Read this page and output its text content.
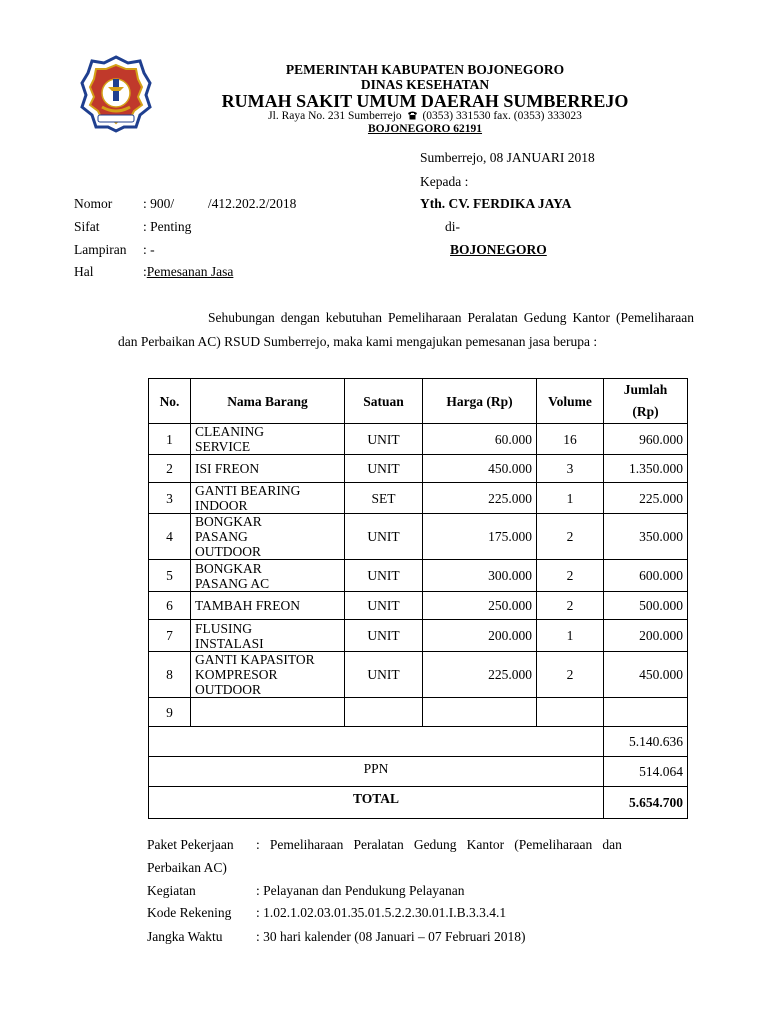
PEMERINTAH KABUPATEN BOJONEGORO
DINAS KESEHATAN
RUMAH SAKIT UMUM DAERAH SUMBERREJO
Jl. Raya No. 231 Sumberrejo (0353) 331530 fax. (0353) 333023
BOJONEGORO 62191
Sumberrejo, 08 JANUARI 2018
Kepada :
Yth. CV. FERDIKA JAYA
di-
BOJONEGORO
Nomor : 900/          /412.202.2/2018
Sifat	: Penting
Lampiran : -
Hal	:Pemesanan Jasa
Sehubungan dengan kebutuhan Pemeliharaan Peralatan Gedung Kantor (Pemeliharaan dan Perbaikan AC) RSUD Sumberrejo, maka kami mengajukan pemesanan jasa berupa :
No.	Nama Barang	Satuan	Harga (Rp)	Volume	Jumlah
(Rp)
1	CLEANING
SERVICE	UNIT	60.000	16	960.000
2	ISI FREON	UNIT	450.000	3	1.350.000
3	GANTI BEARING
INDOOR	SET	225.000	1	225.000
4	BONGKAR
PASANG
OUTDOOR	UNIT	175.000	2	350.000
5	BONGKAR
PASANG AC	UNIT	300.000	2	600.000
6	TAMBAH FREON	UNIT	250.000	2	500.000
7	FLUSING
INSTALASI	UNIT	200.000	1	200.000
8	GANTI KAPASITOR
KOMPRESOR
OUTDOOR	UNIT	225.000	2	450.000
9					
					5.140.636
PPN					514.064
TOTAL					5.654.700
Paket Pekerjaan :   Pemeliharaan   Peralatan   Gedung   Kantor   (Pemeliharaan   dan
Perbaikan AC)
Kegiatan	: Pelayanan dan Pendukung Pelayanan
Kode Rekening : 1.02.1.02.03.01.35.01.5.2.2.30.01.I.B.3.3.4.1
Jangka Waktu : 30 hari kalender (08 Januari – 07 Februari 2018)
